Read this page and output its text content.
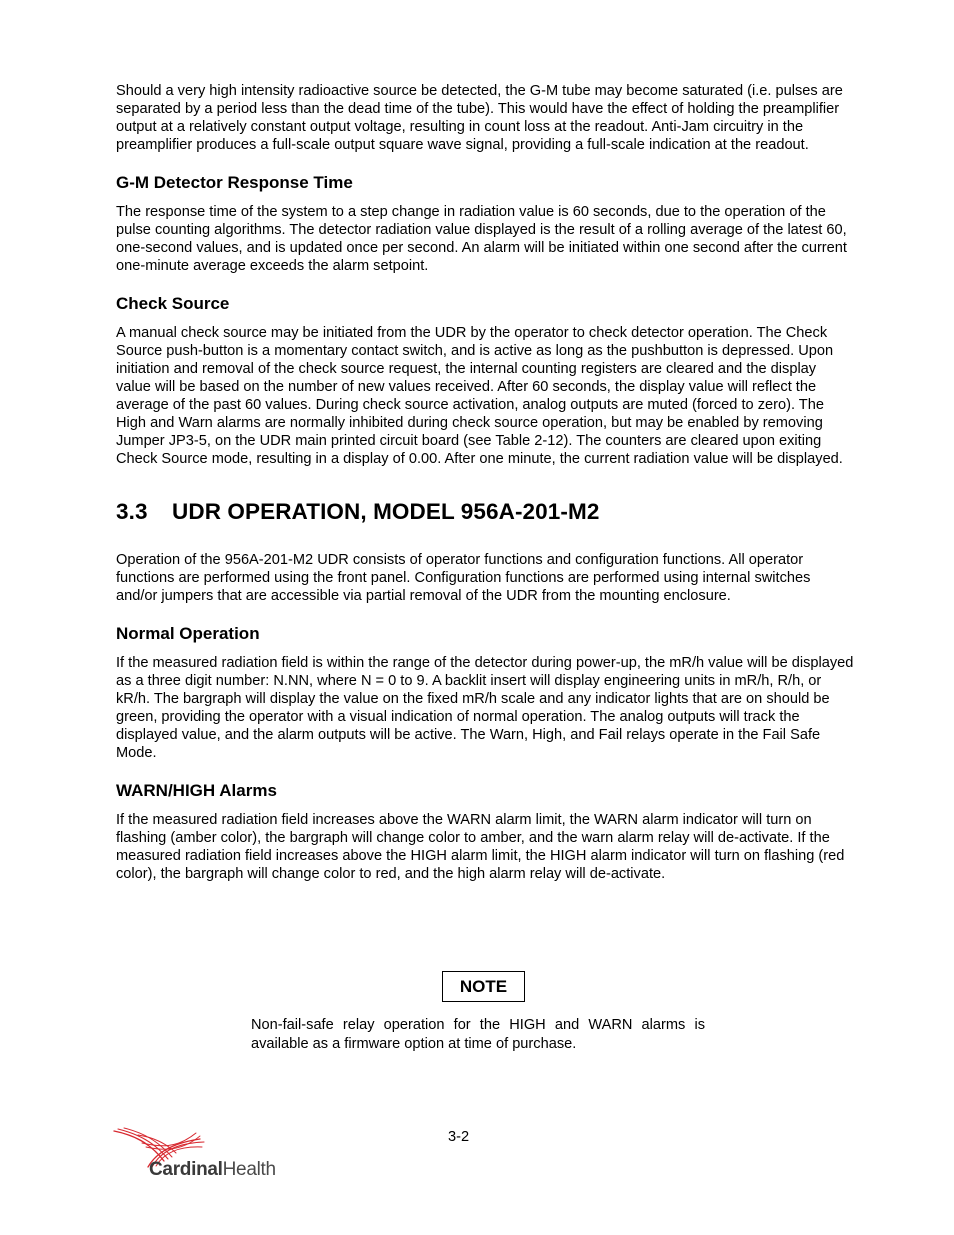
Should a very high intensity radioactive source be detected, the G-M tube may become saturated (i.e. pulses are separated by a period less than the dead time of the tube). This would have the effect of holding the preamplifier output at a relatively constant output voltage, resulting in count loss at the readout. Anti-Jam circuitry in the preamplifier produces a full-scale output square wave signal, providing a full-scale indication at the readout.

G-M Detector Response Time

The response time of the system to a step change in radiation value is 60 seconds, due to the operation of the pulse counting algorithms. The detector radiation value displayed is the result of a rolling average of the latest 60, one-second values, and is updated once per second. An alarm will be initiated within one second after the current one-minute average exceeds the alarm setpoint.

Check Source

A manual check source may be initiated from the UDR by the operator to check detector operation. The Check Source push-button is a momentary contact switch, and is active as long as the pushbutton is depressed. Upon initiation and removal of the check source request, the internal counting registers are cleared and the display value will be based on the number of new values received. After 60 seconds, the display value will reflect the average of the past 60 values. During check source activation, analog outputs are muted (forced to zero). The High and Warn alarms are normally inhibited during check source operation, but may be enabled by removing Jumper JP3-5, on the UDR main printed circuit board (see Table 2-12). The counters are cleared upon exiting Check Source mode, resulting in a display of 0.00. After one minute, the current radiation value will be displayed.

3.3 UDR OPERATION, MODEL 956A-201-M2

Operation of the 956A-201-M2 UDR consists of operator functions and configuration functions. All operator functions are performed using the front panel. Configuration functions are performed using internal switches and/or jumpers that are accessible via partial removal of the UDR from the mounting enclosure.

Normal Operation

If the measured radiation field is within the range of the detector during power-up, the mR/h value will be displayed as a three digit number: N.NN, where N = 0 to 9. A backlit insert will display engineering units in mR/h, R/h, or kR/h. The bargraph will display the value on the fixed mR/h scale and any indicator lights that are on should be green, providing the operator with a visual indication of normal operation. The analog outputs will track the displayed value, and the alarm outputs will be active. The Warn, High, and Fail relays operate in the Fail Safe Mode.

WARN/HIGH Alarms

If the measured radiation field increases above the WARN alarm limit, the WARN alarm indicator will turn on flashing (amber color), the bargraph will change color to amber, and the warn alarm relay will de-activate. If the measured radiation field increases above the HIGH alarm limit, the HIGH alarm indicator will turn on flashing (red color), the bargraph will change color to red, and the high alarm relay will de-activate.

NOTE
Non-fail-safe relay operation for the HIGH and WARN alarms is available as a firmware option at time of purchase.
3-2
CardinalHealth
